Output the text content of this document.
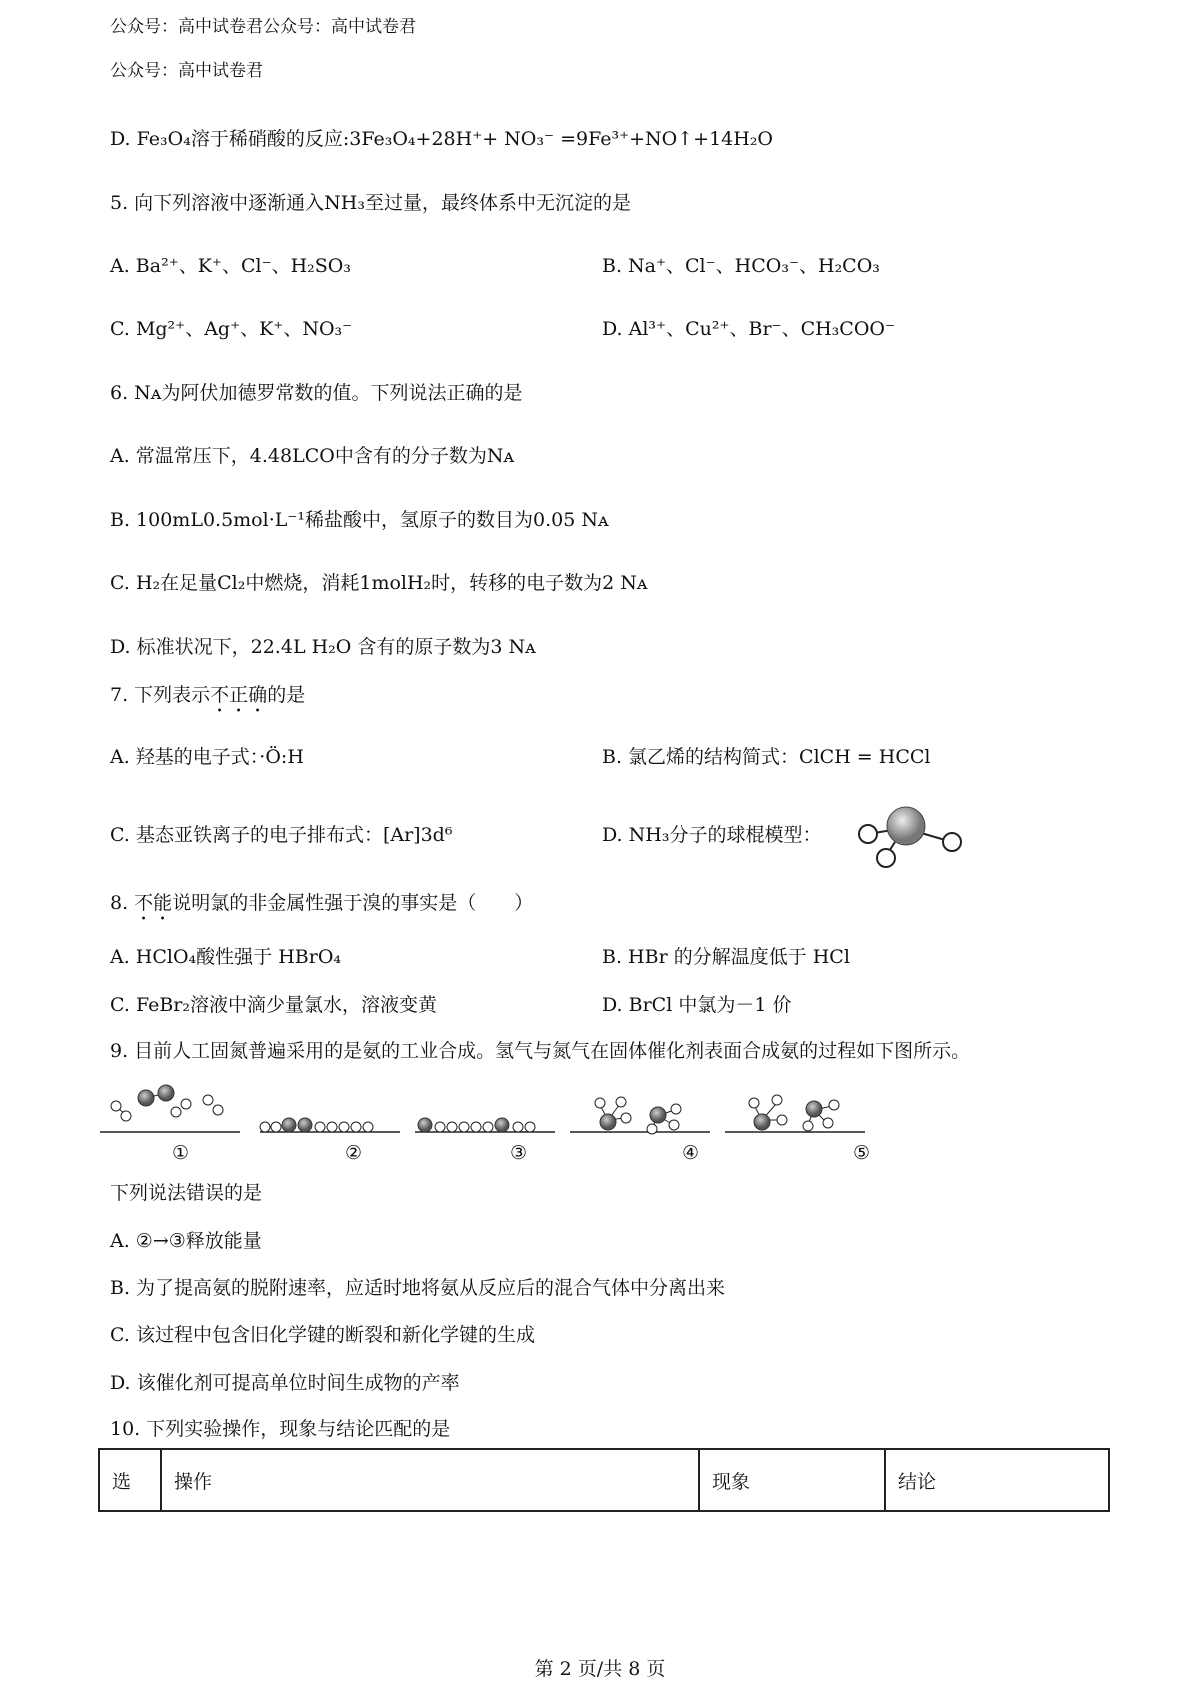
公众号：高中试卷君公众号：高中试卷君
公众号：高中试卷君
D. Fe₃O₄溶于稀硝酸的反应:3Fe₃O₄+28H⁺+ NO₃⁻ =9Fe³⁺+NO↑+14H₂O
5. 向下列溶液中逐渐通入NH₃至过量，最终体系中无沉淀的是
A. Ba²⁺、K⁺、Cl⁻、H₂SO₃	B. Na⁺、Cl⁻、HCO₃⁻、H₂CO₃
C. Mg²⁺、Ag⁺、K⁺、NO₃⁻	D. Al³⁺、Cu²⁺、Br⁻、CH₃COO⁻
6. Nᴀ为阿伏加德罗常数的值。下列说法正确的是
A. 常温常压下，4.48LCO中含有的分子数为Nᴀ
B. 100mL0.5mol·L⁻¹稀盐酸中，氢原子的数目为0.05 Nᴀ
C. H₂在足量Cl₂中燃烧，消耗1molH₂时，转移的电子数为2 Nᴀ
D. 标准状况下，22.4L H₂O 含有的原子数为3 Nᴀ
7. 下列表示不正确的是
A. 羟基的电子式：·Ö:H	B. 氯乙烯的结构简式：ClCH = HCCl
C. 基态亚铁离子的电子排布式：[Ar]3d⁶	D. NH₃分子的球棍模型：
8. 不能说明氯的非金属性强于溴的事实是（　　）
A. HClO₄酸性强于 HBrO₄	B. HBr 的分解温度低于 HCl
C. FeBr₂溶液中滴少量氯水，溶液变黄	D. BrCl 中氯为－1 价
9. 目前人工固氮普遍采用的是氨的工业合成。氢气与氮气在固体催化剂表面合成氨的过程如下图所示。
①	②	③	④	⑤
下列说法错误的是
A. ②→③释放能量
B. 为了提高氨的脱附速率，应适时地将氨从反应后的混合气体中分离出来
C. 该过程中包含旧化学键的断裂和新化学键的生成
D. 该催化剂可提高单位时间生成物的产率
10. 下列实验操作，现象与结论匹配的是
选	操作	现象	结论
第 2 页/共 8 页
